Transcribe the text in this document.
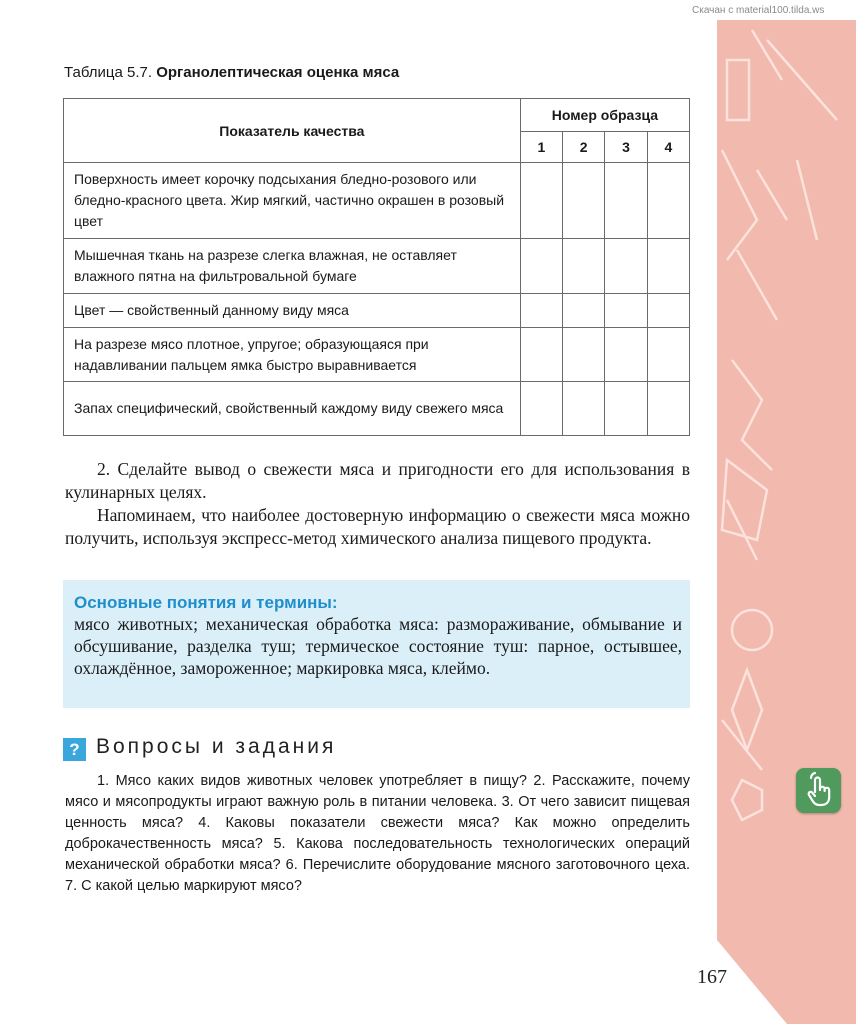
Скачан с material100.tilda.ws
Таблица 5.7. Органолептическая оценка мяса
Показатель качества	Номер образца			
	1	2	3	4
Поверхность имеет корочку подсыхания бледно-розового или бледно-красного цвета. Жир мягкий, частично окрашен в розовый цвет				
Мышечная ткань на разрезе слегка влажная, не оставляет влажного пятна на фильтровальной бумаге				
Цвет — свойственный данному виду мяса				
На разрезе мясо плотное, упругое; образующаяся при надавливании пальцем ямка быстро выравнивается				
Запах специфический, свойственный каждому виду свежего мяса				

2. Сделайте вывод о свежести мяса и пригодности его для использования в кулинарных целях.

Напоминаем, что наиболее достоверную информацию о свежести мяса можно получить, используя экспресс-метод химического анализа пищевого продукта.

Основные понятия и термины:

мясо животных; механическая обработка мяса: размораживание, обмывание и обсушивание, разделка туш; термическое состояние туш: парное, остывшее, охлаждённое, замороженное; маркировка мяса, клеймо.

? Вопросы и задания

1. Мясо каких видов животных человек употребляет в пищу? 2. Расскажите, почему мясо и мясопродукты играют важную роль в питании человека. 3. От чего зависит пищевая ценность мяса? 4. Каковы показатели свежести мяса? Как можно определить доброкачественность мяса? 5. Какова последовательность технологических операций механической обработки мяса? 6. Перечислите оборудование мясного заготовочного цеха. 7. С какой целью маркируют мясо?

167
